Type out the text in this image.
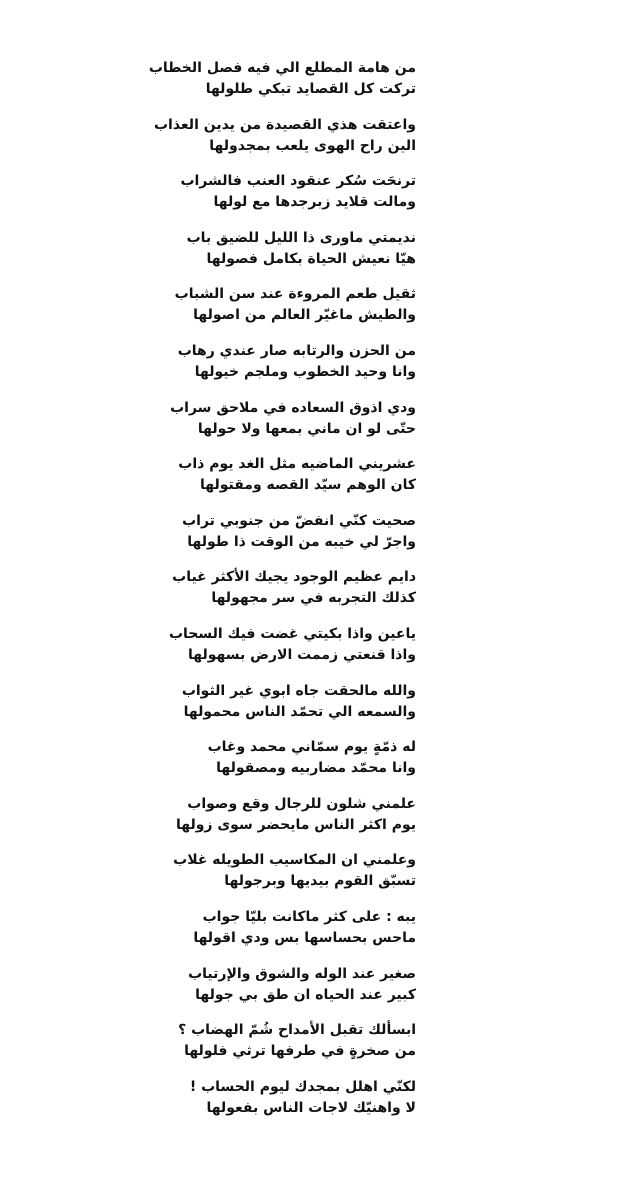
من هامة المطلع الي فيه فصل الخطاب
تركت كل القصايد تبكي طلولها
واعتقت هذي القصيدة من يدين العذاب
الين راح الهوى يلعب بمجدولها
ترنحَت سُكر عنقود العنب فالشراب
ومالت قلايد زبرجدها مع لولها
نديمتي ماورى ذا الليل للضيق باب
هيّا نعيش الحياة بكامل فصولها
ثقيل طعم المروءة عند سن الشباب
والطيش ماغيّر العالم من اصولها
من الحزن والرتابه صار عندي رهاب
وانا وحيد الخطوب وملجم خيولها
ودي اذوق السعاده في ملاحق سراب
حتّى لو ان ماني بمعها ولا حولها
عشريني الماضيه مثل الغد يوم ذاب
كان الوهم سيّد القصه ومقتولها
صحيت كنّي انفضّ من جنوبي تراب
واجرّ لي خيبه من الوقت ذا طولها
دايم عظيم الوجود يجيك الأكثر غياب
كذلك التجربه في سر مجهولها
ياعين واذا بكيتي غضت فيك السحاب
واذا قنعتي زممت الارض بسهولها
والله مالحقت جاه ابوي غير الثواب
والسمعه الي تحمّد الناس محمولها
له ذمّةٍ يوم سمّاني محمد وغاب
وانا محمّد مضاربيه ومصقولها
علمني شلون للرجال وقع وصواب
يوم اكثر الناس مايحضر سوى زولها
وعلمني ان المكاسيب الطويله غلاب
تسبّق القوم بيديها وبرجولها
يبه : على كثر ماكانت بليّا جواب
ماحس بحساسها بس ودي اقولها
صغير عند الوله والشوق والإرتياب
كبير عند الحياه ان طق بي جولها
ابسألك تقبل الأمداح شُمّ الهضاب ؟
من صخرةٍ في طرفها ترثي فلولها
لكنّي اهلل بمجدك ليوم الحساب !
لا واهنيّك لاجات الناس بفعولها
